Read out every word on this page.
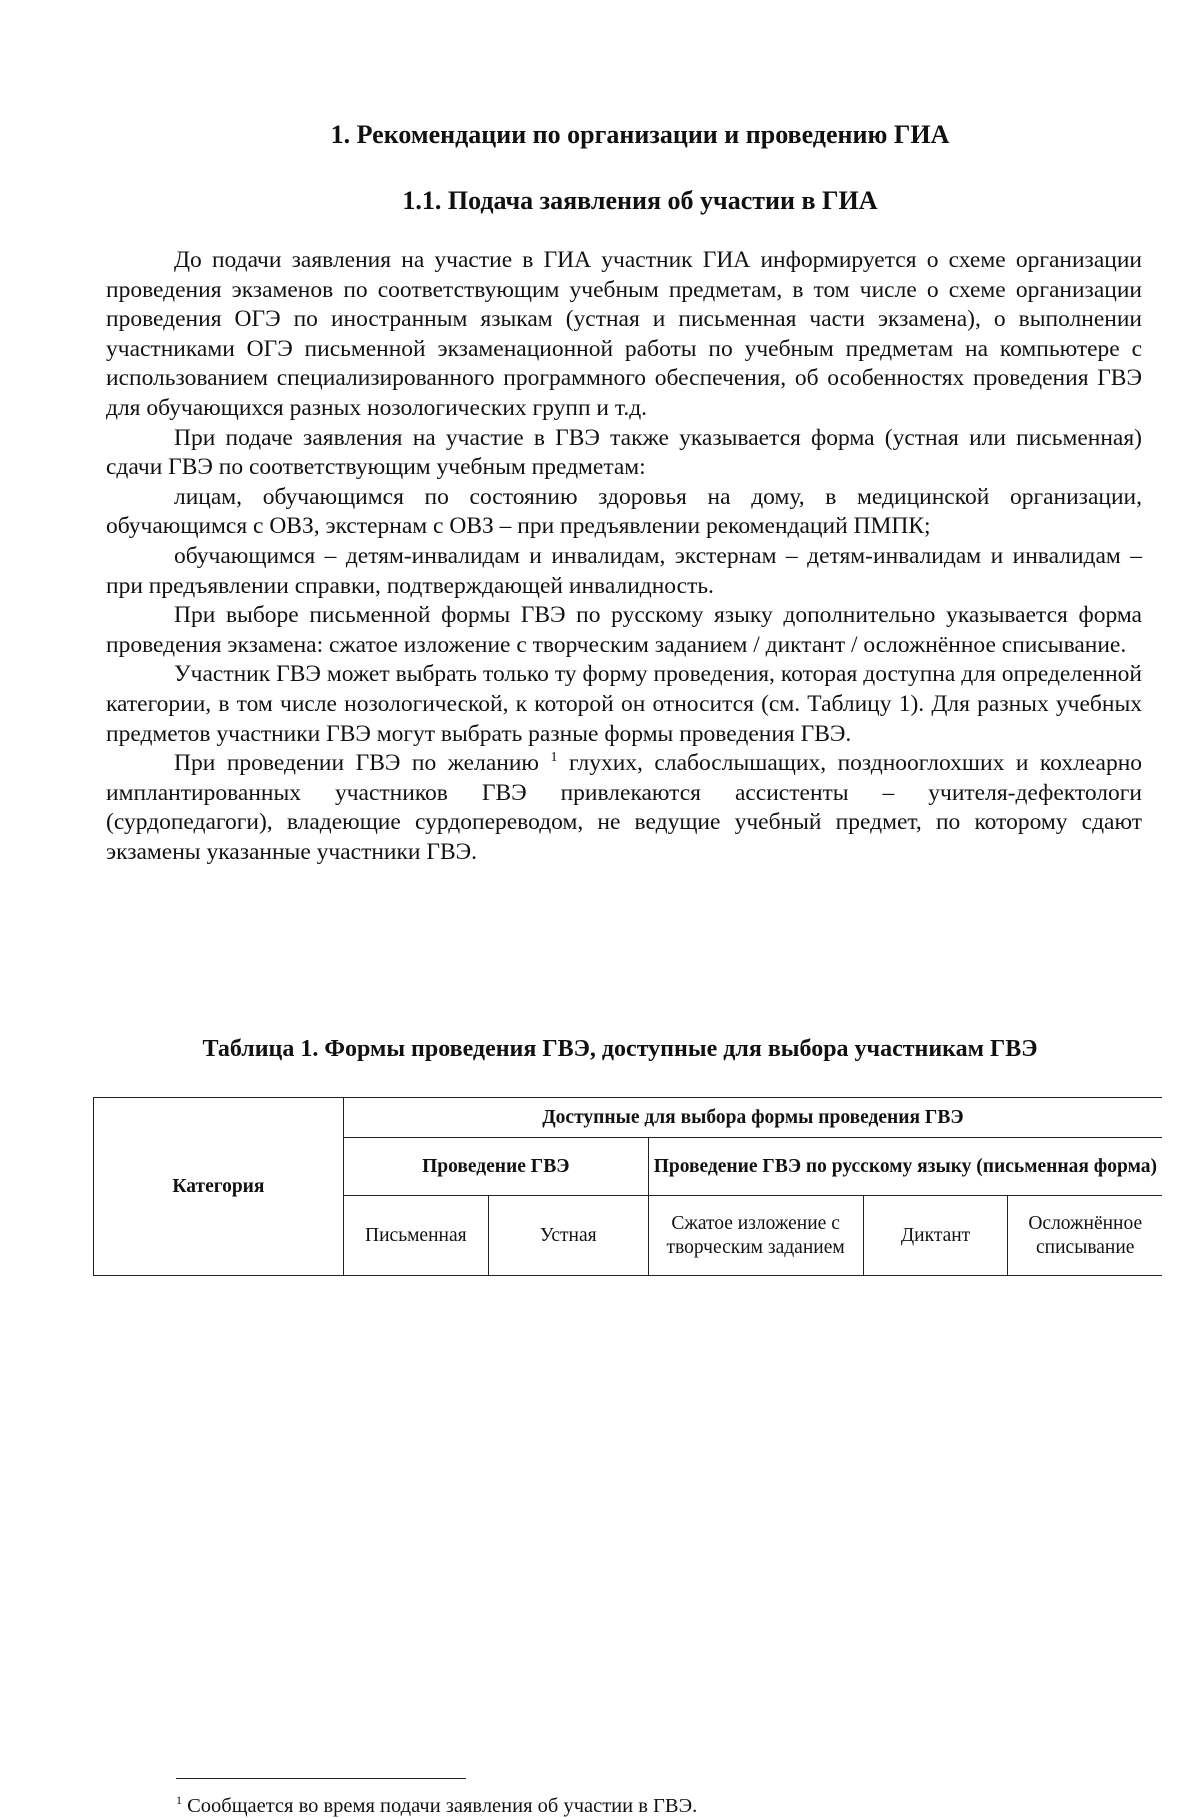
1. Рекомендации по организации и проведению ГИА
1.1. Подача заявления об участии в ГИА

До подачи заявления на участие в ГИА участник ГИА информируется о схеме организации проведения экзаменов по соответствующим учебным предметам, в том числе о схеме организации проведения ОГЭ по иностранным языкам (устная и письменная части экзамена), о выполнении участниками ОГЭ письменной экзаменационной работы по учебным предметам на компьютере с использованием специализированного программного обеспечения, об особенностях проведения ГВЭ для обучающихся разных нозологических групп и т.д.

При подаче заявления на участие в ГВЭ также указывается форма (устная или письменная) сдачи ГВЭ по соответствующим учебным предметам:

лицам, обучающимся по состоянию здоровья на дому, в медицинской организации, обучающимся с ОВЗ, экстернам с ОВЗ – при предъявлении рекомендаций ПМПК;

обучающимся – детям-инвалидам и инвалидам, экстернам – детям-инвалидам и инвалидам – при предъявлении справки, подтверждающей инвалидность.

При выборе письменной формы ГВЭ по русскому языку дополнительно указывается форма проведения экзамена: сжатое изложение с творческим заданием / диктант / осложнённое списывание.

Участник ГВЭ может выбрать только ту форму проведения, которая доступна для определенной категории, в том числе нозологической, к которой он относится (см. Таблицу 1). Для разных учебных предметов участники ГВЭ могут выбрать разные формы проведения ГВЭ.

При проведении ГВЭ по желанию $^1$ глухих, слабослышащих, позднооглохших и кохлеарно имплантированных участников ГВЭ привлекаются ассистенты – учителя-дефектологи (сурдопедагоги), владеющие сурдопереводом, не ведущие учебный предмет, по которому сдают экзамены указанные участники ГВЭ.

Таблица 1. Формы проведения ГВЭ, доступные для выбора участникам ГВЭ
Категория	Доступные для выбора формы проведения ГВЭ				
	Проведение ГВЭ		Проведение ГВЭ по русскому языку (письменная форма)		
	Письменная	Устная	Сжатое изложение с творческим заданием	Диктант	Осложнённое списывание
$^1$ Сообщается во время подачи заявления об участии в ГВЭ.
